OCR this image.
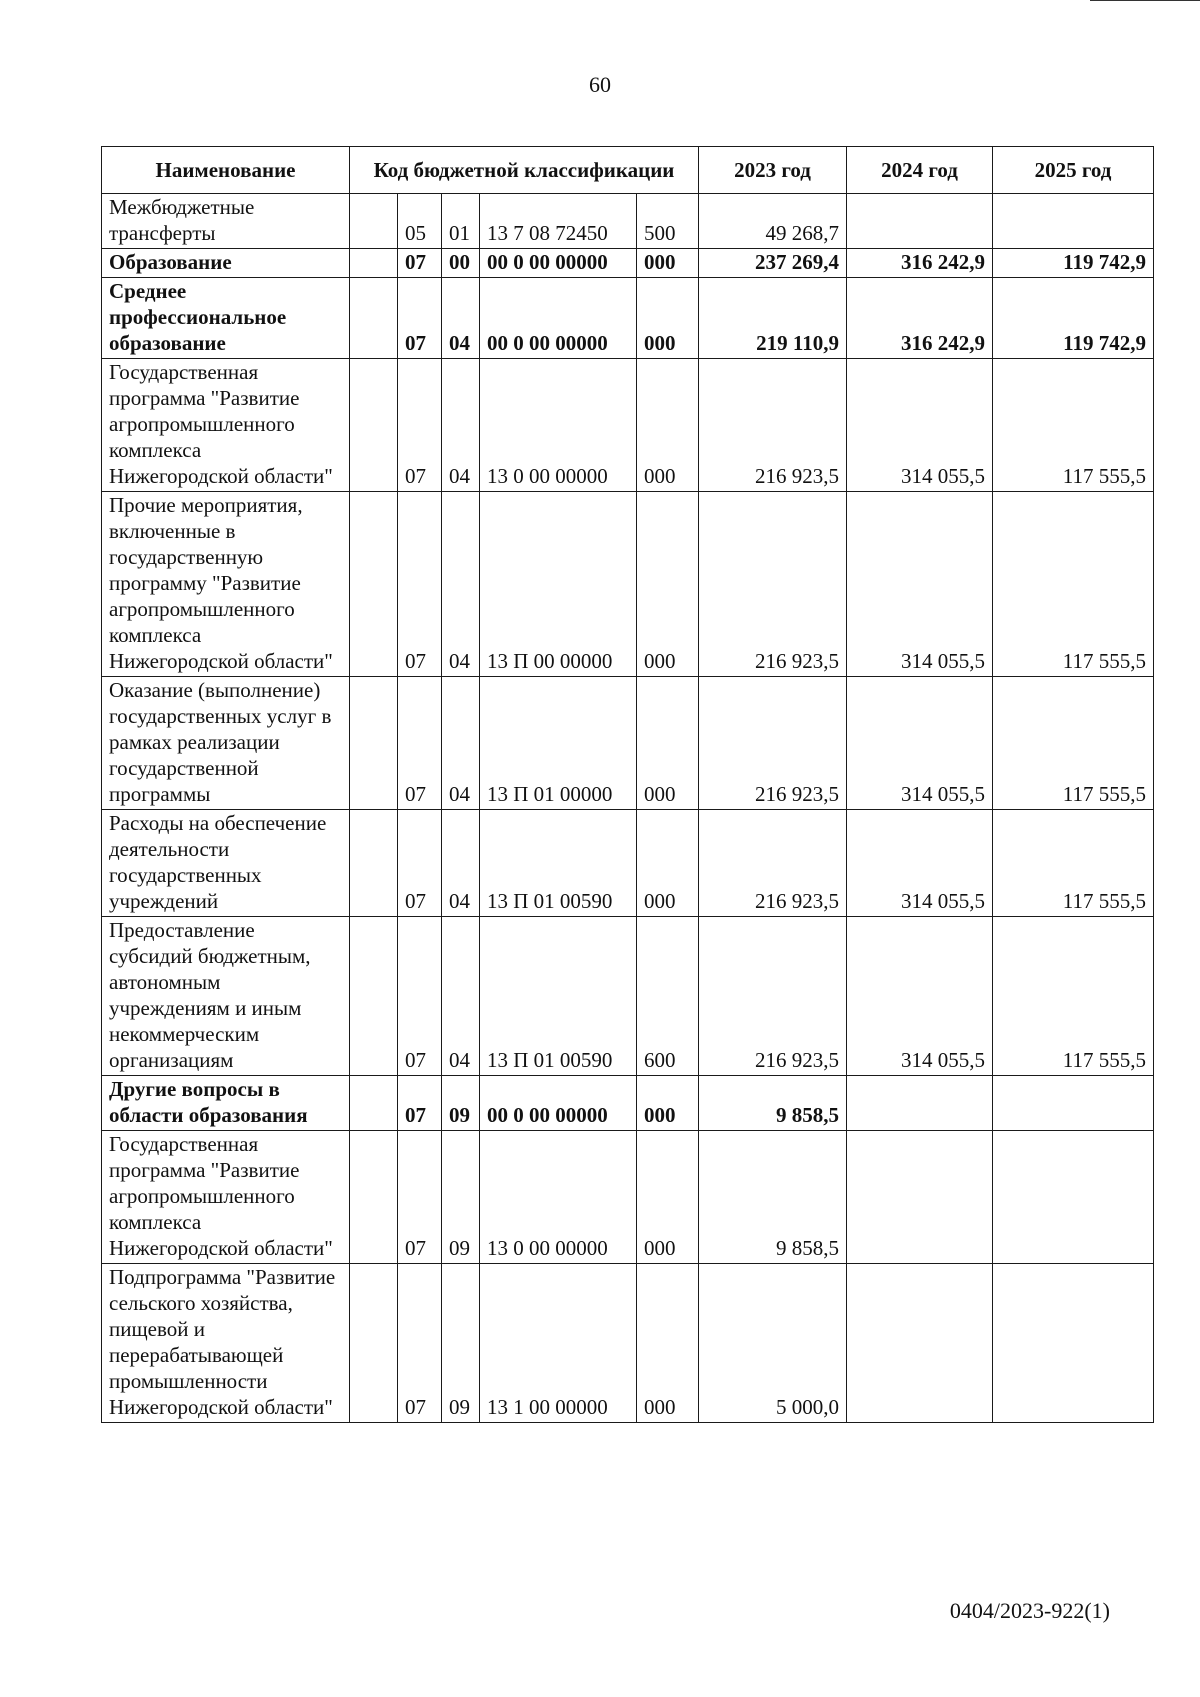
60
Наименование	Код бюджетной классификации					2023 год	2024 год	2025 год
Межбюджетные трансферты		05	01	13 7 08 72450	500	49 268,7		
Образование		07	00	00 0 00 00000	000	237 269,4	316 242,9	119 742,9
Среднее профессиональное образование		07	04	00 0 00 00000	000	219 110,9	316 242,9	119 742,9
Государственная программа "Развитие агропромышленного комплекса Нижегородской области"		07	04	13 0 00 00000	000	216 923,5	314 055,5	117 555,5
Прочие мероприятия, включенные в государственную программу "Развитие агропромышленного комплекса Нижегородской области"		07	04	13 П 00 00000	000	216 923,5	314 055,5	117 555,5
Оказание (выполнение) государственных услуг в рамках реализации государственной программы		07	04	13 П 01 00000	000	216 923,5	314 055,5	117 555,5
Расходы на обеспечение деятельности государственных учреждений		07	04	13 П 01 00590	000	216 923,5	314 055,5	117 555,5
Предоставление субсидий бюджетным, автономным учреждениям и иным некоммерческим организациям		07	04	13 П 01 00590	600	216 923,5	314 055,5	117 555,5
Другие вопросы в области образования		07	09	00 0 00 00000	000	9 858,5		
Государственная программа "Развитие агропромышленного комплекса Нижегородской области"		07	09	13 0 00 00000	000	9 858,5		
Подпрограмма "Развитие сельского хозяйства, пищевой и перерабатывающей промышленности Нижегородской области"		07	09	13 1 00 00000	000	5 000,0		
0404/2023-922(1)
